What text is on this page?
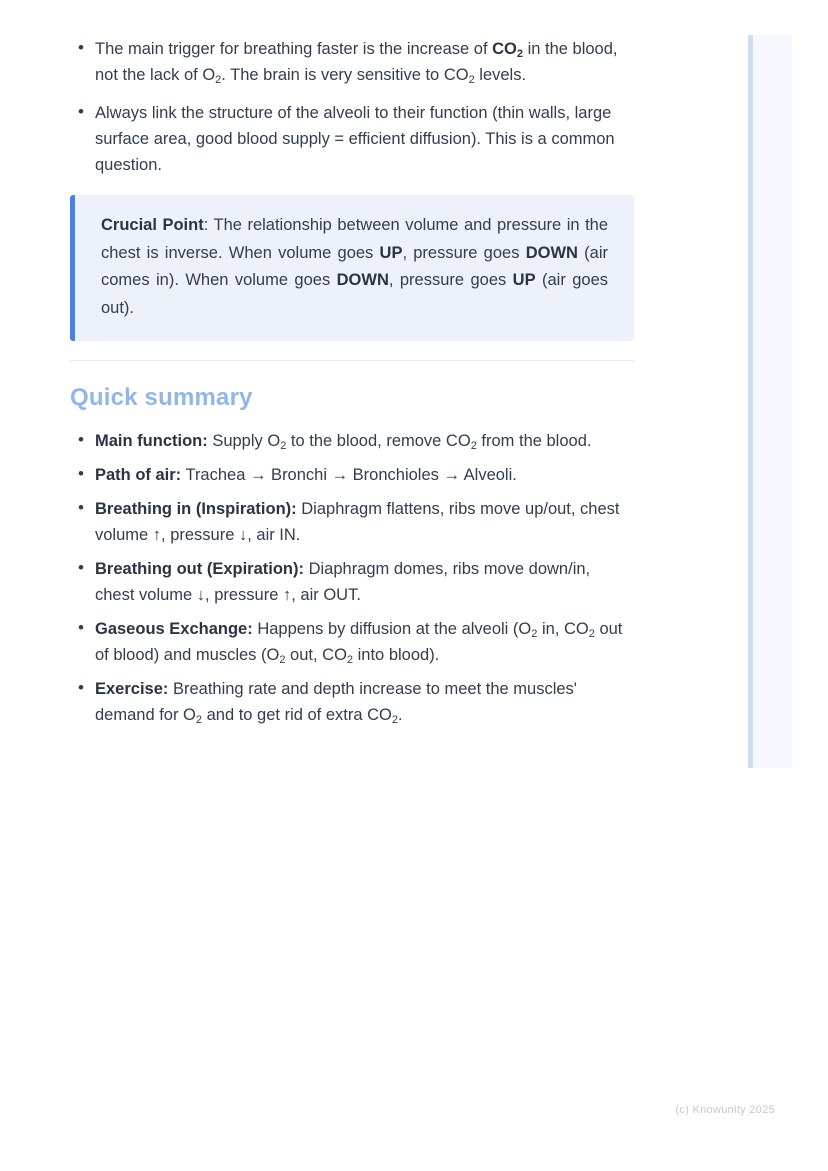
• The main trigger for breathing faster is the increase of CO2 in the blood, not the lack of O2. The brain is very sensitive to CO2 levels.
• Always link the structure of the alveoli to their function (thin walls, large surface area, good blood supply = efficient diffusion). This is a common question.

Crucial Point: The relationship between volume and pressure in the chest is inverse. When volume goes UP, pressure goes DOWN (air comes in). When volume goes DOWN, pressure goes UP (air goes out).

Quick summary
• Main function: Supply O2 to the blood, remove CO2 from the blood.
• Path of air: Trachea → Bronchi → Bronchioles → Alveoli.
• Breathing in (Inspiration): Diaphragm flattens, ribs move up/out, chest volume ↑, pressure ↓, air IN.
• Breathing out (Expiration): Diaphragm domes, ribs move down/in, chest volume ↓, pressure ↑, air OUT.
• Gaseous Exchange: Happens by diffusion at the alveoli (O2 in, CO2 out of blood) and muscles (O2 out, CO2 into blood).
• Exercise: Breathing rate and depth increase to meet the muscles' demand for O2 and to get rid of extra CO2.
(c) Knowunity 2025
